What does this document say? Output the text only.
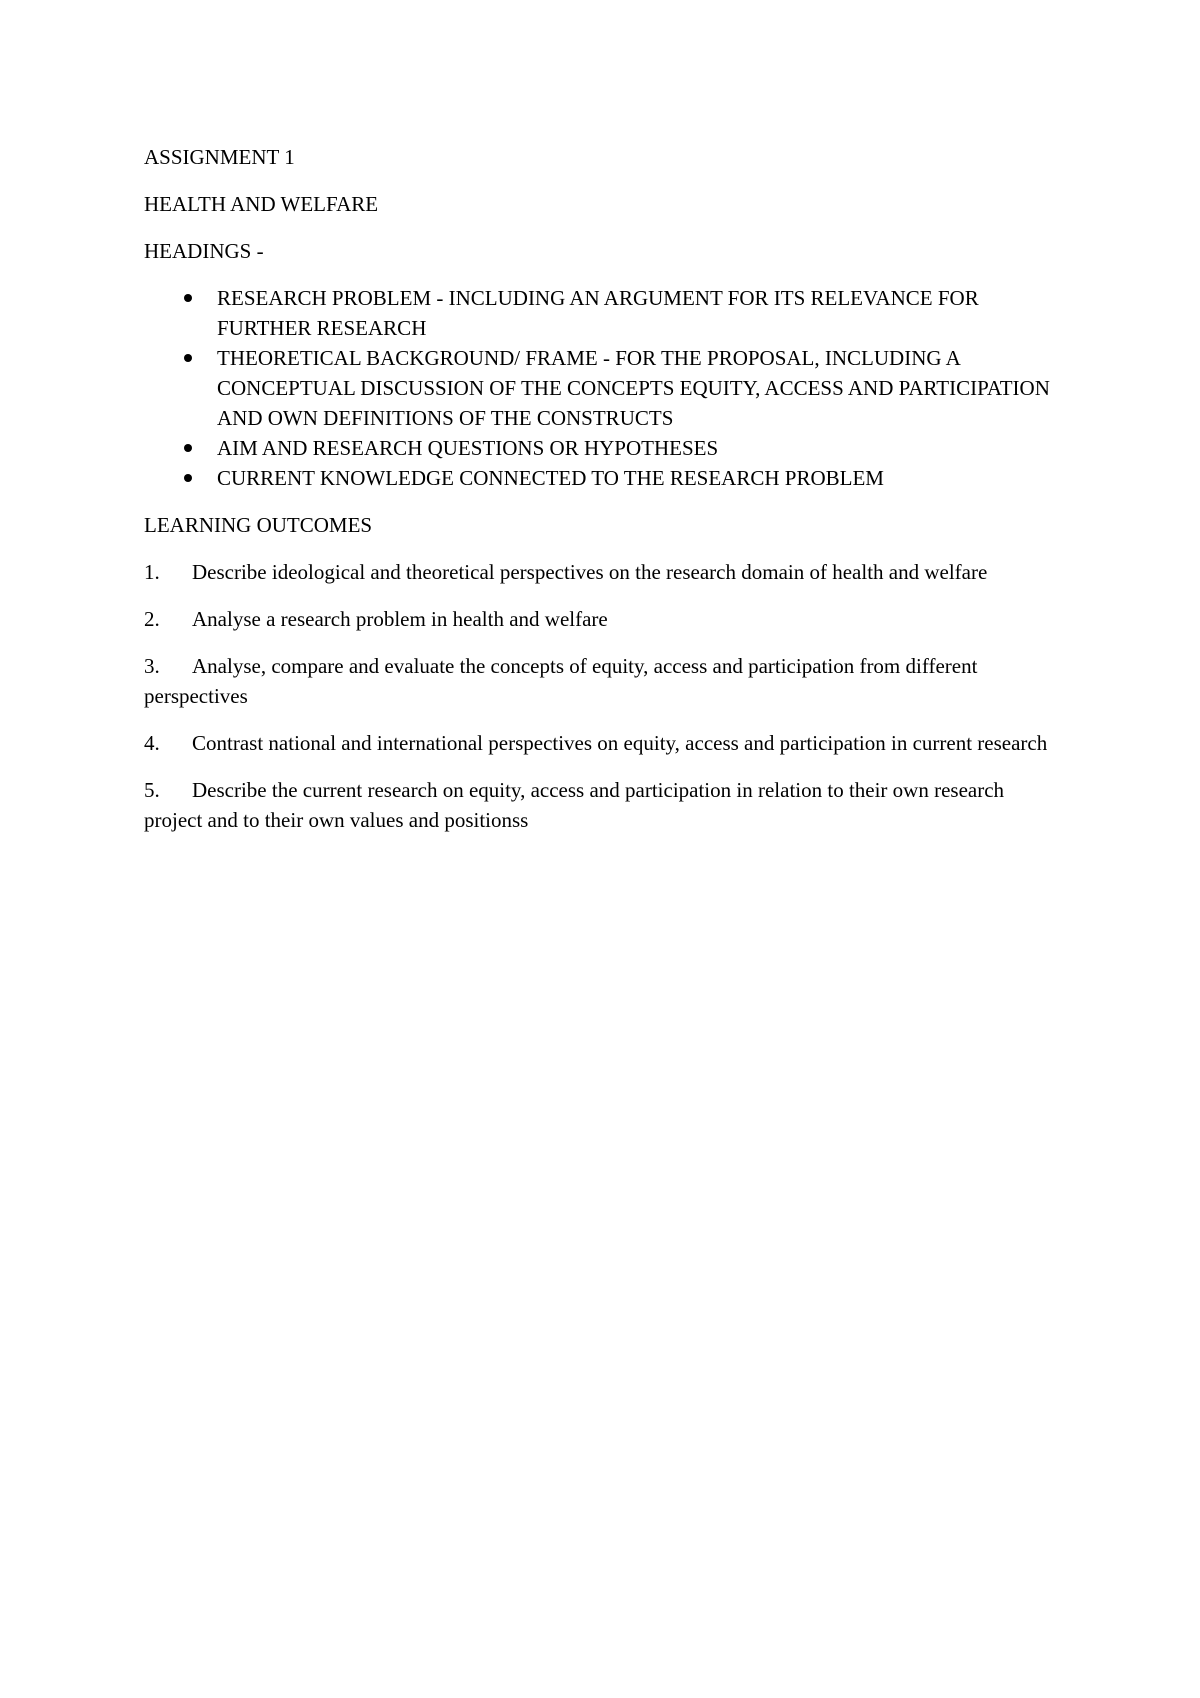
ASSIGNMENT 1

HEALTH AND WELFARE

HEADINGS -

RESEARCH PROBLEM - INCLUDING AN ARGUMENT FOR ITS RELEVANCE FOR FURTHER RESEARCH
THEORETICAL BACKGROUND/ FRAME - FOR THE PROPOSAL, INCLUDING A CONCEPTUAL DISCUSSION OF THE CONCEPTS EQUITY, ACCESS AND PARTICIPATION AND OWN DEFINITIONS OF THE CONSTRUCTS
AIM AND RESEARCH QUESTIONS OR HYPOTHESES
CURRENT KNOWLEDGE CONNECTED TO THE RESEARCH PROBLEM

LEARNING OUTCOMES

1. Describe ideological and theoretical perspectives on the research domain of health and welfare

2. Analyse a research problem in health and welfare

3. Analyse, compare and evaluate the concepts of equity, access and participation from different perspectives

4. Contrast national and international perspectives on equity, access and participation in current research

5. Describe the current research on equity, access and participation in relation to their own research project and to their own values and positionss
